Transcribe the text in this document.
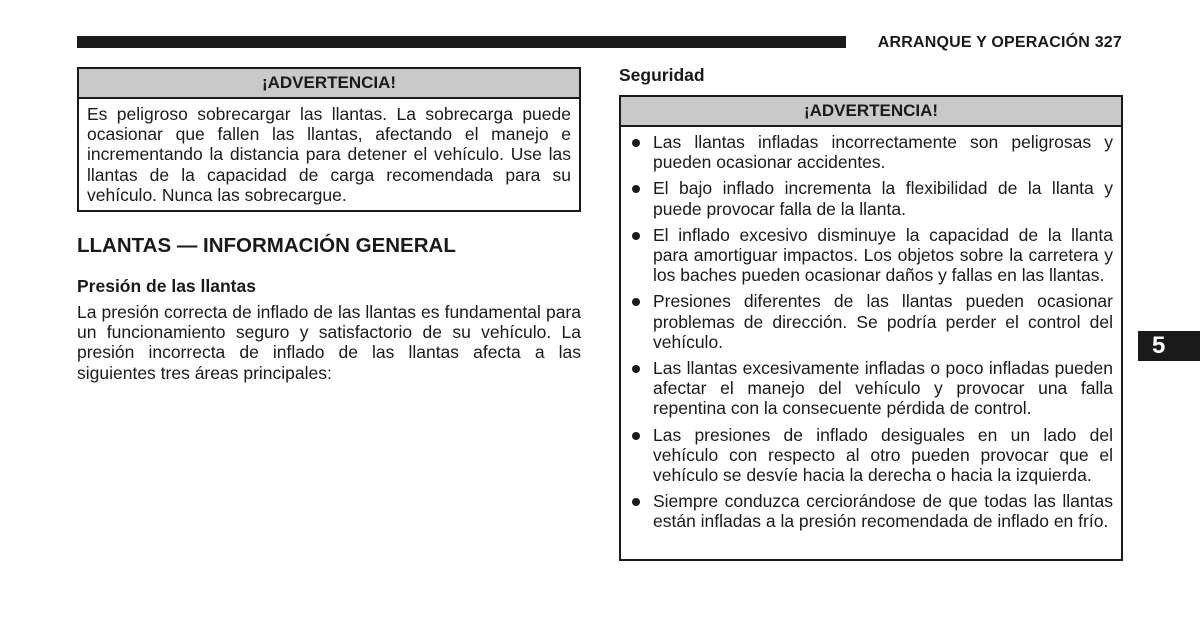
ARRANQUE Y OPERACIÓN 327
¡ADVERTENCIA!
Es peligroso sobrecargar las llantas. La sobrecarga puede ocasionar que fallen las llantas, afectando el manejo e incrementando la distancia para detener el vehículo. Use las llantas de la capacidad de carga recomendada para su vehículo. Nunca las sobrecargue.
LLANTAS — INFORMACIÓN GENERAL
Presión de las llantas

La presión correcta de inflado de las llantas es fundamental para un funcionamiento seguro y satisfactorio de su vehículo. La presión incorrecta de inflado de las llantas afecta a las siguientes tres áreas principales:

Seguridad
¡ADVERTENCIA!
Las llantas infladas incorrectamente son peligrosas y pueden ocasionar accidentes.
El bajo inflado incrementa la flexibilidad de la llanta y puede provocar falla de la llanta.
El inflado excesivo disminuye la capacidad de la llanta para amortiguar impactos. Los objetos sobre la carretera y los baches pueden ocasionar daños y fallas en las llantas.
Presiones diferentes de las llantas pueden ocasionar problemas de dirección. Se podría perder el control del vehículo.
Las llantas excesivamente infladas o poco infladas pueden afectar el manejo del vehículo y provocar una falla repentina con la consecuente pérdida de control.
Las presiones de inflado desiguales en un lado del vehículo con respecto al otro pueden provocar que el vehículo se desvíe hacia la derecha o hacia la izquierda.
Siempre conduzca cerciorándose de que todas las llantas están infladas a la presión recomendada de inflado en frío.
5
